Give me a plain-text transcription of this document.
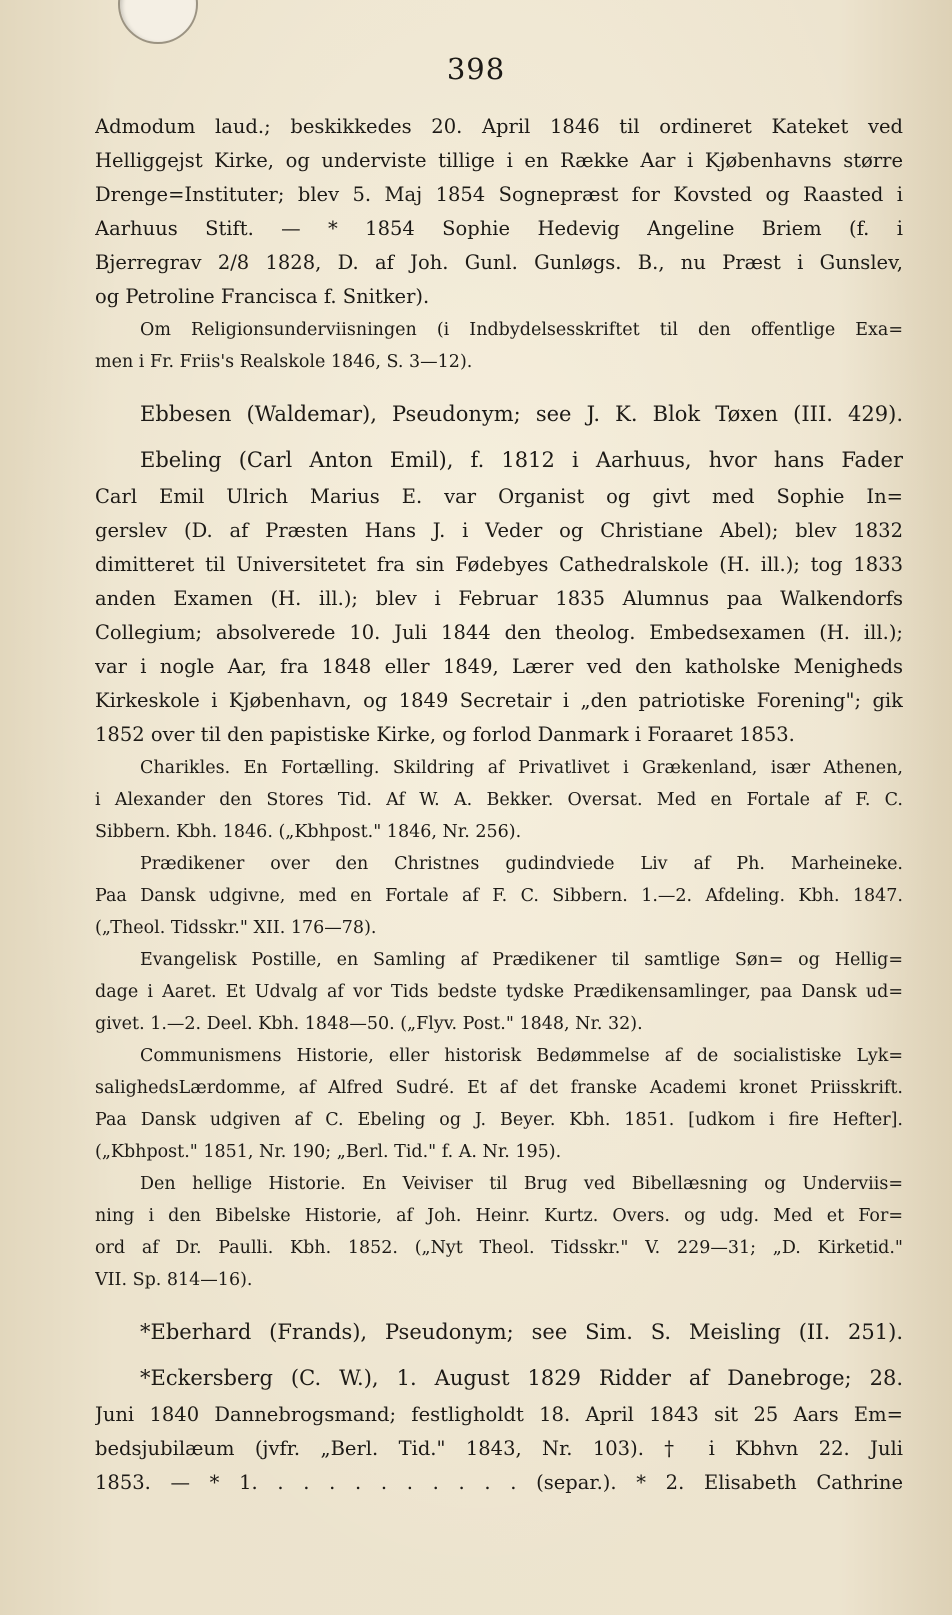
398
Admodum laud.; beskikkedes 20. April 1846 til ordineret Kateket ved
Helliggejst Kirke, og underviste tillige i en Række Aar i Kjøbenhavns større
Drenge=Instituter; blev 5. Maj 1854 Sognepræst for Kovsted og Raasted i
Aarhuus Stift. — * 1854 Sophie Hedevig Angeline Briem (f. i
Bjerregrav 2/8 1828, D. af Joh. Gunl. Gunløgs. B., nu Præst i Gunslev,
og Petroline Francisca f. Snitker).
Om Religionsunderviisningen (i Indbydelsesskriftet til den offentlige Exa=
men i Fr. Friis's Realskole 1846, S. 3—12).
Ebbesen (Waldemar), Pseudonym; see J. K. Blok Tøxen (III. 429).
Ebeling (Carl Anton Emil), f. 1812 i Aarhuus, hvor hans Fader
Carl Emil Ulrich Marius E. var Organist og givt med Sophie In=
gerslev (D. af Præsten Hans J. i Veder og Christiane Abel); blev 1832
dimitteret til Universitetet fra sin Fødebyes Cathedralskole (H. ill.); tog 1833
anden Examen (H. ill.); blev i Februar 1835 Alumnus paa Walkendorfs
Collegium; absolverede 10. Juli 1844 den theolog. Embedsexamen (H. ill.);
var i nogle Aar, fra 1848 eller 1849, Lærer ved den katholske Menigheds
Kirkeskole i Kjøbenhavn, og 1849 Secretair i „den patriotiske Forening"; gik
1852 over til den papistiske Kirke, og forlod Danmark i Foraaret 1853.
Charikles. En Fortælling. Skildring af Privatlivet i Grækenland, især Athenen,
i Alexander den Stores Tid. Af W. A. Bekker. Oversat. Med en Fortale af F. C.
Sibbern. Kbh. 1846. („Kbhpost." 1846, Nr. 256).
Prædikener over den Christnes gudindviede Liv af Ph. Marheineke.
Paa Dansk udgivne, med en Fortale af F. C. Sibbern. 1.—2. Afdeling. Kbh. 1847.
(„Theol. Tidsskr." XII. 176—78).
Evangelisk Postille, en Samling af Prædikener til samtlige Søn= og Hellig=
dage i Aaret. Et Udvalg af vor Tids bedste tydske Prædikensamlinger, paa Dansk ud=
givet. 1.—2. Deel. Kbh. 1848—50. („Flyv. Post." 1848, Nr. 32).
Communismens Historie, eller historisk Bedømmelse af de socialistiske Lyk=
salighedsLærdomme, af Alfred Sudré. Et af det franske Academi kronet Priisskrift.
Paa Dansk udgiven af C. Ebeling og J. Beyer. Kbh. 1851. [udkom i fire Hefter].
(„Kbhpost." 1851, Nr. 190; „Berl. Tid." f. A. Nr. 195).
Den hellige Historie. En Veiviser til Brug ved Bibellæsning og Underviis=
ning i den Bibelske Historie, af Joh. Heinr. Kurtz. Overs. og udg. Med et For=
ord af Dr. Paulli. Kbh. 1852. („Nyt Theol. Tidsskr." V. 229—31; „D. Kirketid."
VII. Sp. 814—16).
*Eberhard (Frands), Pseudonym; see Sim. S. Meisling (II. 251).
*Eckersberg (C. W.), 1. August 1829 Ridder af Danebroge; 28.
Juni 1840 Dannebrogsmand; festligholdt 18. April 1843 sit 25 Aars Em=
bedsjubilæum (jvfr. „Berl. Tid." 1843, Nr. 103). † i Kbhvn 22. Juli
1853. — * 1. . . . . . . . . . . (separ.). * 2. Elisabeth Cathrine
